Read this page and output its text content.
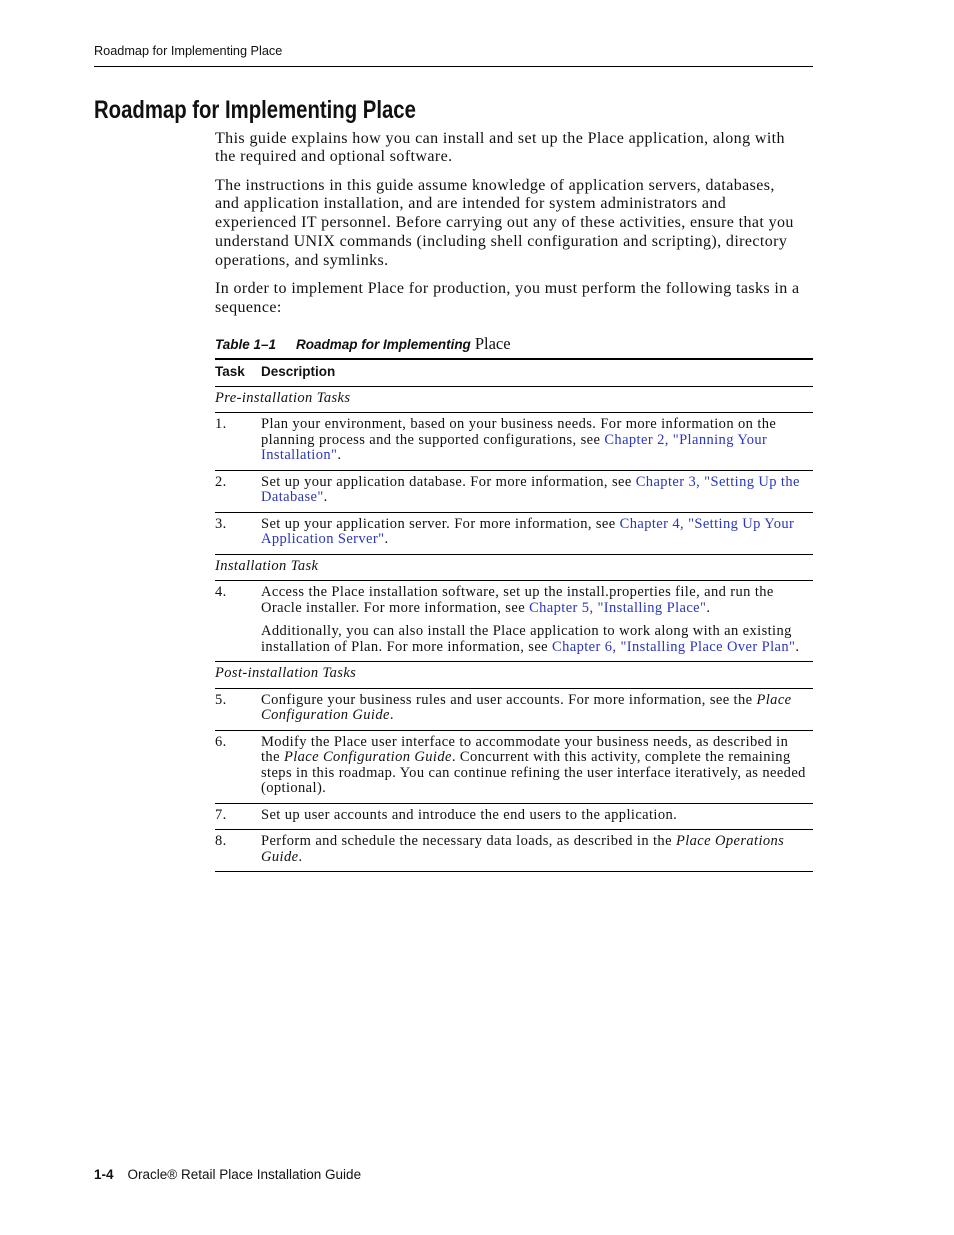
Roadmap for Implementing Place
Roadmap for Implementing Place

This guide explains how you can install and set up the Place application, along with
the required and optional software.

The instructions in this guide assume knowledge of application servers, databases,
and application installation, and are intended for system administrators and
experienced IT personnel. Before carrying out any of these activities, ensure that you
understand UNIX commands (including shell configuration and scripting), directory
operations, and symlinks.

In order to implement Place for production, you must perform the following tasks in a
sequence:

Table 1–1 Roadmap for Implementing Place
Task	Description
Pre-installation Tasks	
1.	Plan your environment, based on your business needs. For more information on the
planning process and the supported configurations, see Chapter 2, "Planning Your
Installation".

2.	Set up your application database. For more information, see Chapter 3, "Setting Up the
Database".

3.	Set up your application server. For more information, see Chapter 4, "Setting Up Your
Application Server".

Installation Task	
4.	Access the Place installation software, set up the install.properties file, and run the
Oracle installer. For more information, see Chapter 5, "Installing Place".

Additionally, you can also install the Place application to work along with an existing
installation of Plan. For more information, see Chapter 6, "Installing Place Over Plan".

Post-installation Tasks	
5.	Configure your business rules and user accounts. For more information, see the Place
Configuration Guide.

6.	Modify the Place user interface to accommodate your business needs, as described in
the Place Configuration Guide. Concurrent with this activity, complete the remaining
steps in this roadmap. You can continue refining the user interface iteratively, as needed
(optional).

7.	Set up user accounts and introduce the end users to the application.

8.	Perform and schedule the necessary data loads, as described in the Place Operations
Guide.

1-4 Oracle® Retail Place Installation Guide
